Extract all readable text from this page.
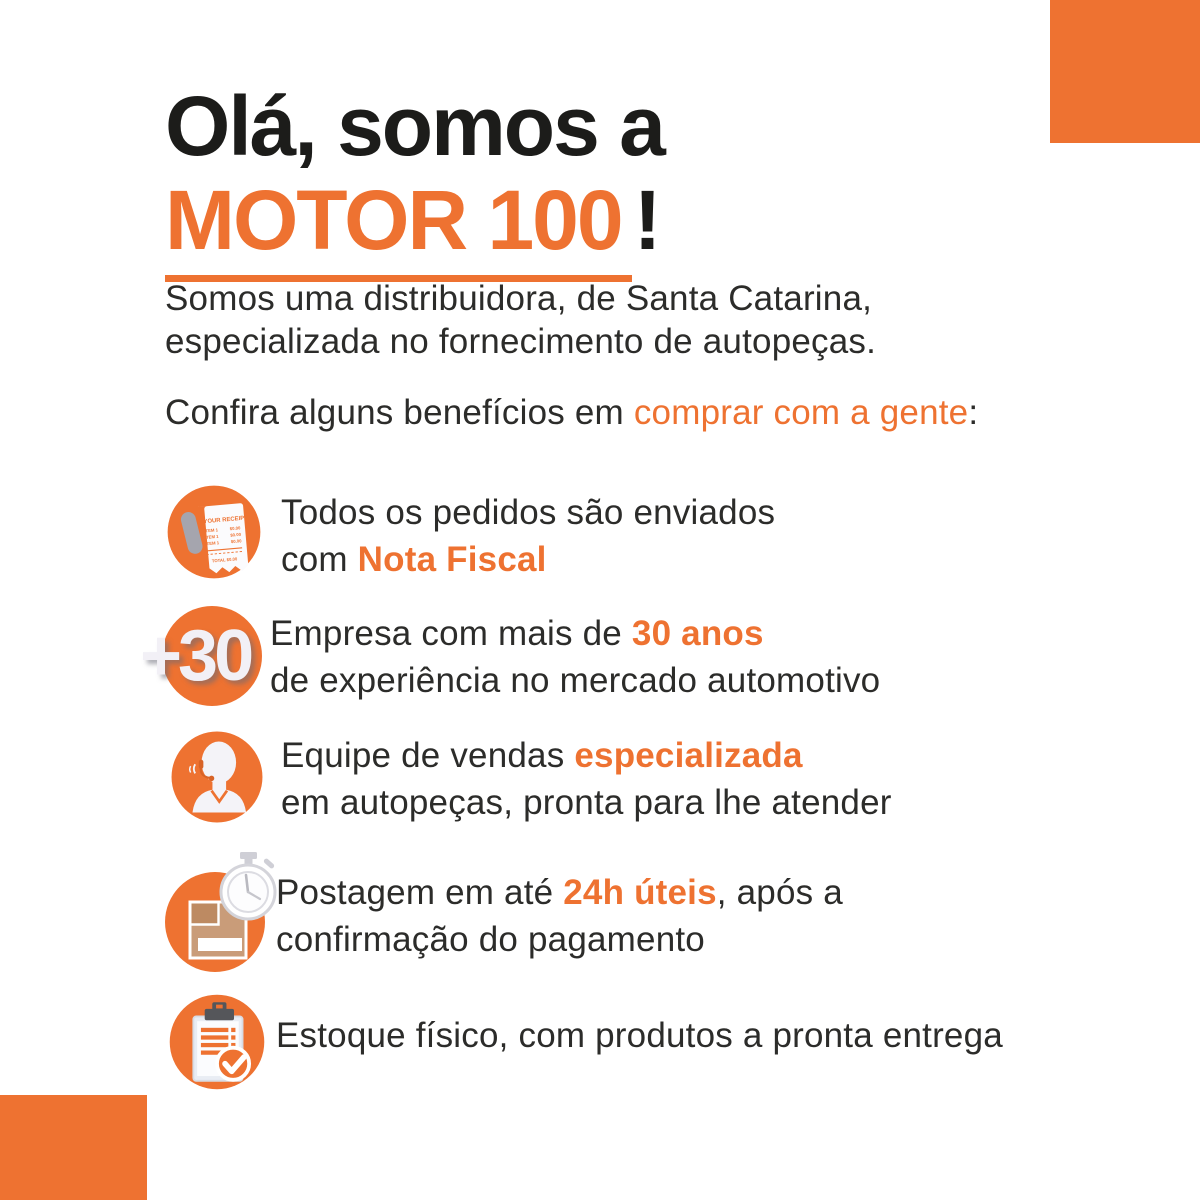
Olá, somos a
MOTOR 100 !

Somos uma distribuidora, de Santa Catarina,
especializada no fornecimento de autopeças.

Confira alguns benefícios em comprar com a gente:

YOUR RECEIPT
ITEM 1 $0.00
ITEM 1 $0.00
ITEM 1 $0.00
TOTAL $0.00
Todos os pedidos são enviados
com Nota Fiscal
+30 Empresa com mais de 30 anos
de experiência no mercado automotivo
Equipe de vendas especializada
em autopeças, pronta para lhe atender
Postagem em até 24h úteis, após a
confirmação do pagamento
Estoque físico, com produtos a pronta entrega
